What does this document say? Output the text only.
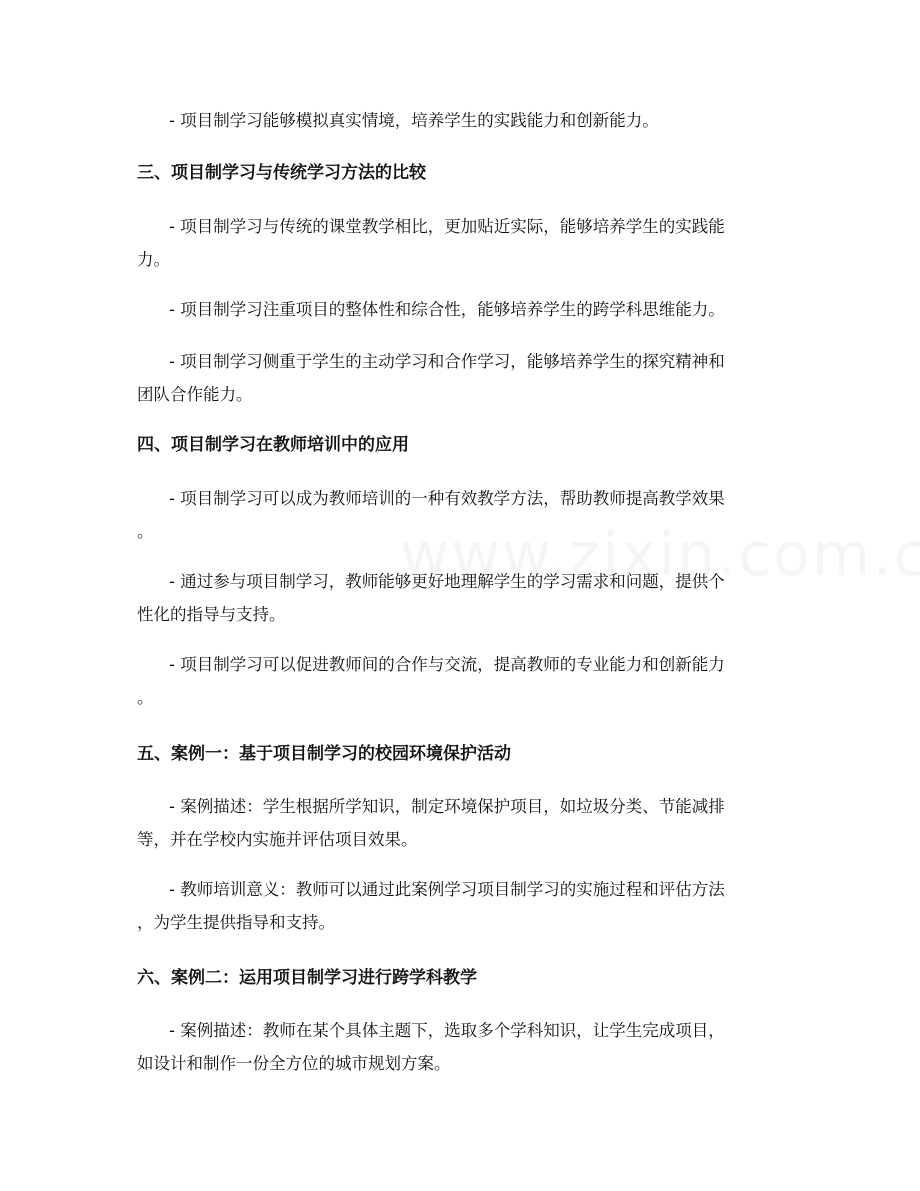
- 项目制学习能够模拟真实情境，培养学生的实践能力和创新能力。
三、项目制学习与传统学习方法的比较
- 项目制学习与传统的课堂教学相比，更加贴近实际，能够培养学生的实践能
力。
- 项目制学习注重项目的整体性和综合性，能够培养学生的跨学科思维能力。
- 项目制学习侧重于学生的主动学习和合作学习，能够培养学生的探究精神和
团队合作能力。
四、项目制学习在教师培训中的应用
- 项目制学习可以成为教师培训的一种有效教学方法，帮助教师提高教学效果
。
- 通过参与项目制学习，教师能够更好地理解学生的学习需求和问题，提供个
性化的指导与支持。
- 项目制学习可以促进教师间的合作与交流，提高教师的专业能力和创新能力
。
五、案例一：基于项目制学习的校园环境保护活动
- 案例描述：学生根据所学知识，制定环境保护项目，如垃圾分类、节能减排
等，并在学校内实施并评估项目效果。
- 教师培训意义：教师可以通过此案例学习项目制学习的实施过程和评估方法
，为学生提供指导和支持。
六、案例二：运用项目制学习进行跨学科教学
- 案例描述：教师在某个具体主题下，选取多个学科知识，让学生完成项目，
如设计和制作一份全方位的城市规划方案。
